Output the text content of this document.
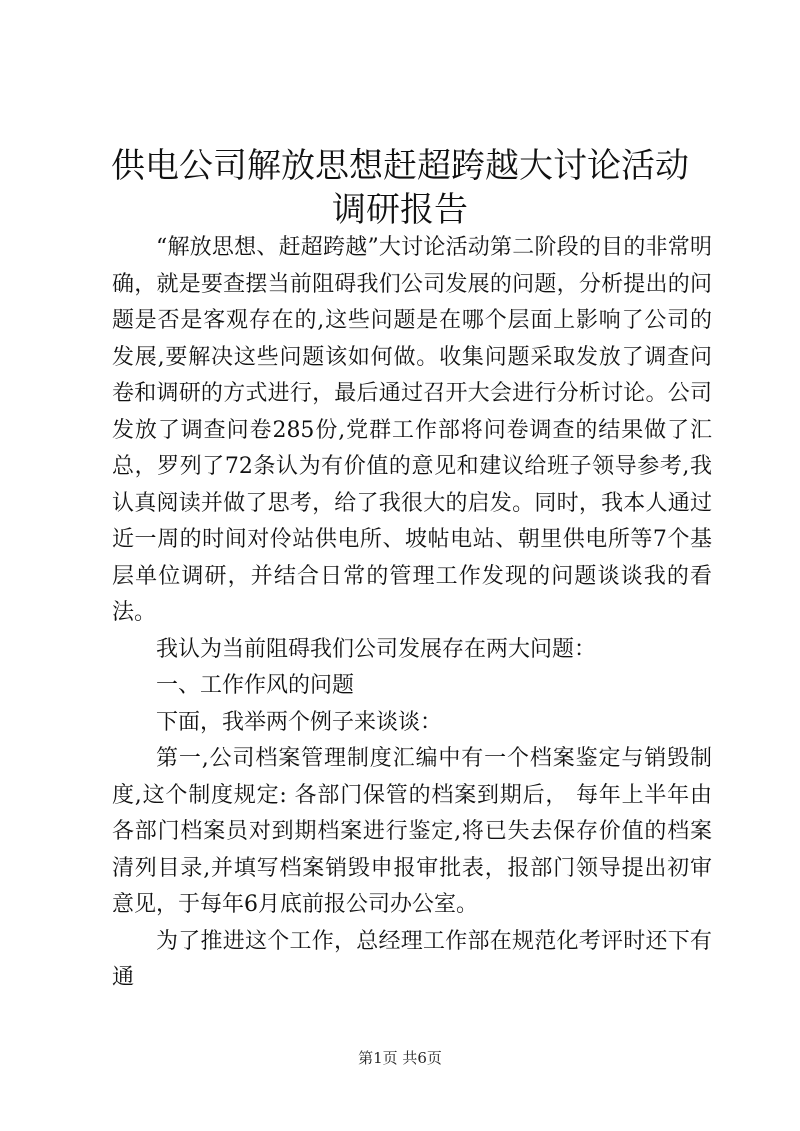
供电公司解放思想赶超跨越大讨论活动调研报告

“解放思想、赶超跨越”大讨论活动第二阶段的目的非常明确，就是要查摆当前阻碍我们公司发展的问题，分析提出的问题是否是客观存在的,这些问题是在哪个层面上影响了公司的发展,要解决这些问题该如何做。收集问题采取发放了调查问卷和调研的方式进行，最后通过召开大会进行分析讨论。公司发放了调查问卷285份,党群工作部将问卷调查的结果做了汇总，罗列了72条认为有价值的意见和建议给班子领导参考,我认真阅读并做了思考，给了我很大的启发。同时，我本人通过近一周的时间对伶站供电所、坡帖电站、朝里供电所等7个基层单位调研，并结合日常的管理工作发现的问题谈谈我的看法。

我认为当前阻碍我们公司发展存在两大问题：

一、工作作风的问题

下面，我举两个例子来谈谈：

第一,公司档案管理制度汇编中有一个档案鉴定与销毁制度,这个制度规定: 各部门保管的档案到期后， 每年上半年由各部门档案员对到期档案进行鉴定,将已失去保存价值的档案清列目录,并填写档案销毁申报审批表，报部门领导提出初审意见，于每年6月底前报公司办公室。

为了推进这个工作，总经理工作部在规范化考评时还下有通

第1页 共6页
